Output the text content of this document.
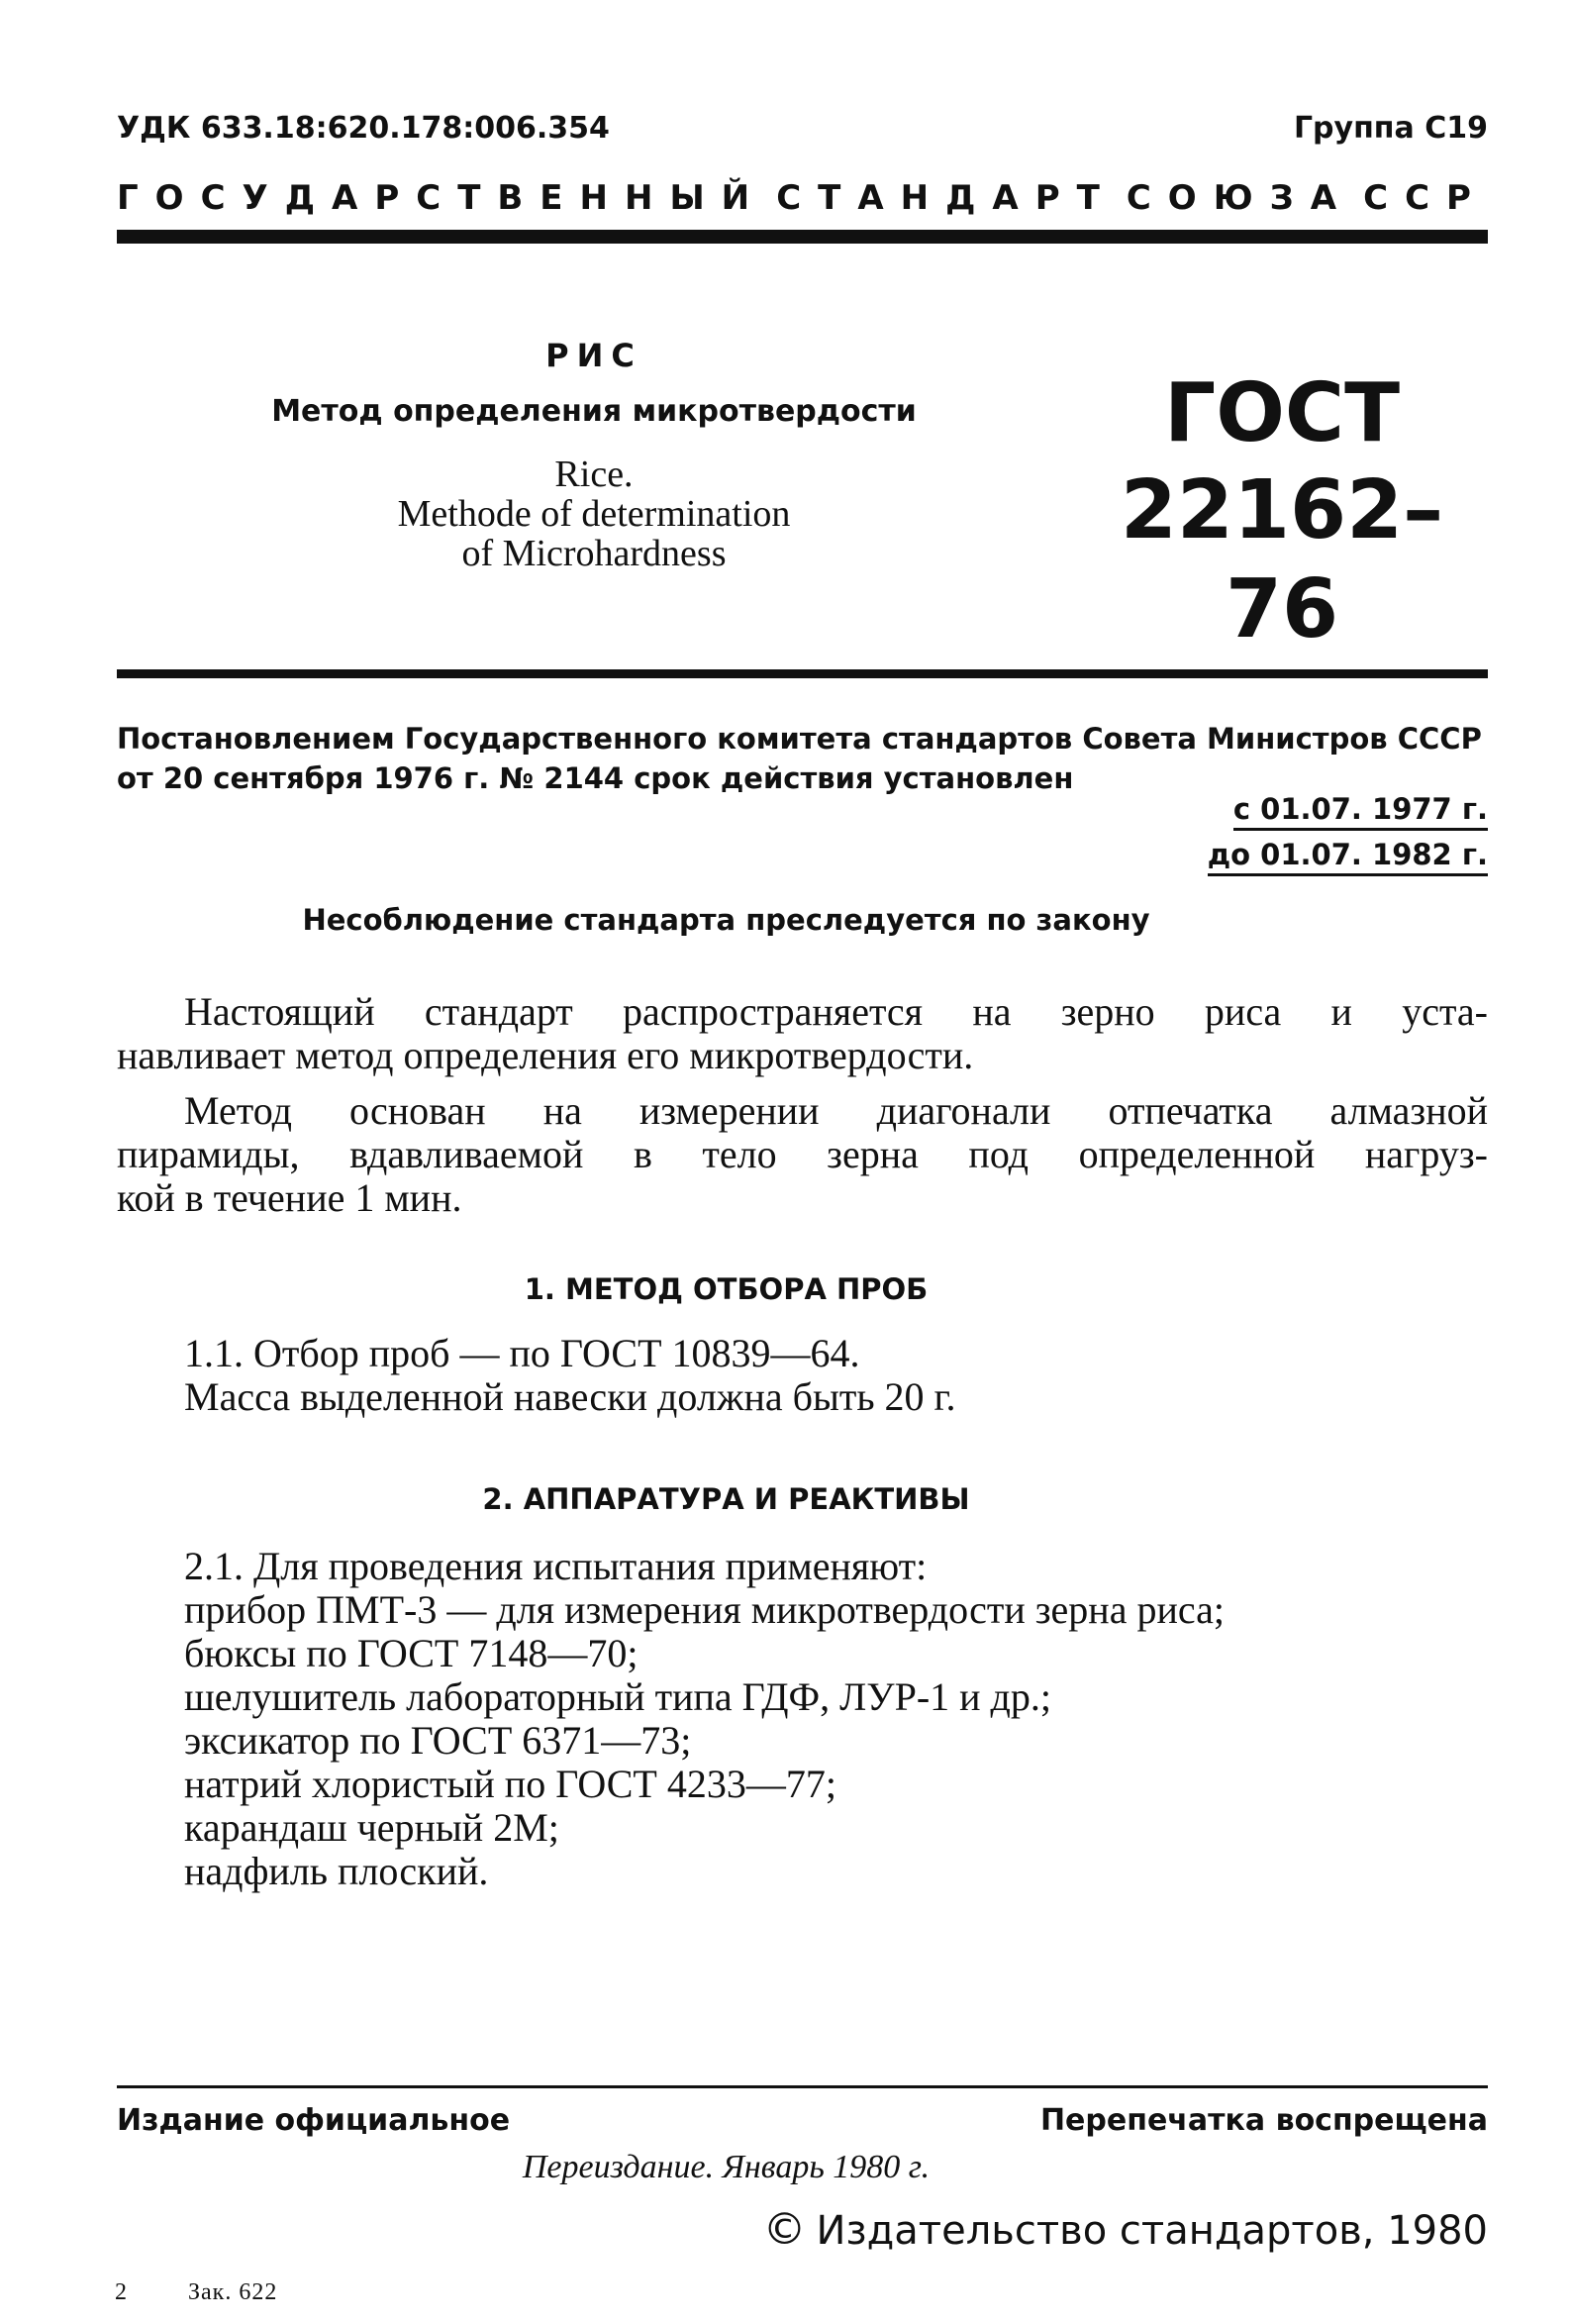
УДК 633.18:620.178:006.354	Группа С19
ГОСУДАРСТВЕННЫЙ СТАНДАРТ СОЮЗА ССР
РИС
Метод определения микротвердости
Rice.
Methode of determination
of Microhardness
ГОСТ
22162–76
Постановлением Государственного комитета стандартов Совета Министров СССР
от 20 сентября 1976 г. № 2144 срок действия установлен
с 01.07. 1977 г.
до 01.07. 1982 г.
Несоблюдение стандарта преследуется по закону
Настоящий стандарт распространяется на зерно риса и уста-
навливает метод определения его микротвердости.
Метод основан на измерении диагонали отпечатка алмазной
пирамиды, вдавливаемой в тело зерна под определенной нагруз-
кой в течение 1 мин.
1. МЕТОД ОТБОРА ПРОБ
1.1. Отбор проб — по ГОСТ 10839—64.
Масса выделенной навески должна быть 20 г.
2. АППАРАТУРА И РЕАКТИВЫ
2.1. Для проведения испытания применяют:
прибор ПМТ-3 — для измерения микротвердости зерна риса;
бюксы по ГОСТ 7148—70;
шелушитель лабораторный типа ГДФ, ЛУР-1 и др.;
эксикатор по ГОСТ 6371—73;
натрий хлористый по ГОСТ 4233—77;
карандаш черный 2М;
надфиль плоский.
Издание официальное	Перепечатка воспрещена
Переиздание. Январь 1980 г.
© Издательство стандартов, 1980
2	Зак. 622
